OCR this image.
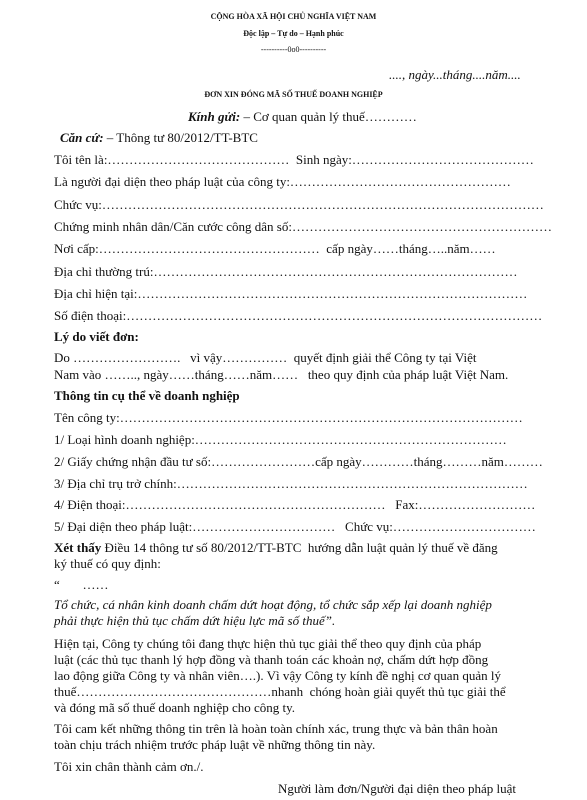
CỘNG HÒA XÃ HỘI CHỦ NGHĨA VIỆT NAM
Độc lập – Tự do – Hạnh phúc
----------0o0----------
...., ngày...tháng....năm....
ĐƠN XIN ĐÓNG MÃ SỐ THUẾ DOANH NGHIỆP
Kính gửi: – Cơ quan quản lý thuế…………
Căn cứ: – Thông tư 80/2012/TT-BTC
Tôi tên là:……………………………………  Sinh ngày:……………………………………
Là người đại diện theo pháp luật của công ty:……………………………………………
Chức vụ:…………………………………………………………………………………………
Chứng minh nhân dân/Căn cước công dân số:……………………………………………………
Nơi cấp:……………………………………………  cấp ngày……tháng…..năm……
Địa chỉ thường trú:…………………………………………………………………………
Địa chỉ hiện tại:………………………………………………………………………………
Số điện thoại:……………………………………………………………………………………
Lý do viết đơn:
Do …………………….   vì vậy……………  quyết định giải thể Công ty tại Việt
Nam vào …….., ngày……tháng……năm……   theo quy định của pháp luật Việt Nam.
Thông tin cụ thể về doanh nghiệp
Tên công ty:…………………………………………………………………………………
1/ Loại hình doanh nghiệp:………………………………………………………………
2/ Giấy chứng nhận đầu tư số:……………………cấp ngày…………tháng………năm………
3/ Địa chỉ trụ trở chính:………………………………………………………………………
4/ Điện thoại:……………………………………………………   Fax:………………………
5/ Đại diện theo pháp luật:……………………………   Chức vụ:……………………………
Xét thấy Điều 14 thông tư số 80/2012/TT-BTC  hướng dẫn luật quản lý thuế về đăng
ký thuế có quy định:
“       ……
Tổ chức, cá nhân kinh doanh chấm dứt hoạt động, tổ chức sắp xếp lại doanh nghiệp
phải thực hiện thủ tục chấm dứt hiệu lực mã số thuế”.
Hiện tại, Công ty chúng tôi đang thực hiện thủ tục giải thể theo quy định của pháp
luật (các thủ tục thanh lý hợp đồng và thanh toán các khoản nợ, chấm dứt hợp đồng
lao động giữa Công ty và nhân viên….). Vì vậy Công ty kính đề nghị cơ quan quản lý
thuế………………………………………nhanh  chóng hoàn giải quyết thủ tục giải thể
và đóng mã số thuế doanh nghiệp cho công ty.
Tôi cam kết những thông tin trên là hoàn toàn chính xác, trung thực và bản thân hoàn
toàn chịu trách nhiệm trước pháp luật về những thông tin này.
Tôi xin chân thành cảm ơn./.
Người làm đơn/Người đại diện theo pháp luật
